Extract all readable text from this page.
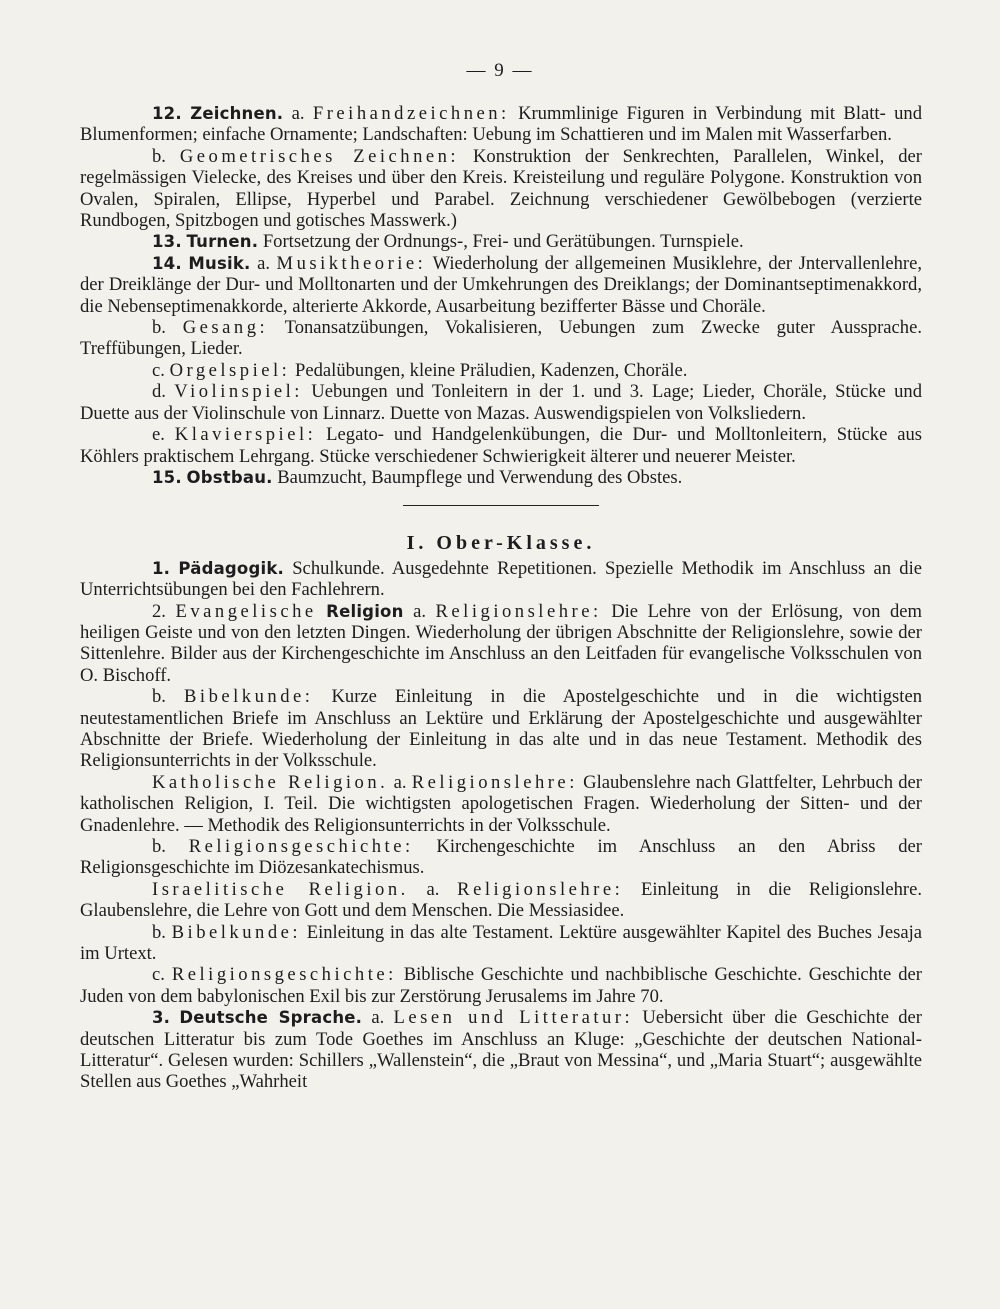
— 9 —

12. Zeichnen. a. Freihandzeichnen: Krummlinige Figuren in Verbindung mit Blatt- und Blumenformen; einfache Ornamente; Landschaften: Uebung im Schattieren und im Malen mit Wasserfarben.

b. Geometrisches Zeichnen: Konstruktion der Senkrechten, Parallelen, Winkel, der regelmässigen Vielecke, des Kreises und über den Kreis. Kreisteilung und reguläre Polygone. Konstruktion von Ovalen, Spiralen, Ellipse, Hyperbel und Parabel. Zeichnung verschiedener Gewölbebogen (verzierte Rundbogen, Spitzbogen und gotisches Masswerk.)

13. Turnen. Fortsetzung der Ordnungs-, Frei- und Gerätübungen. Turnspiele.

14. Musik. a. Musiktheorie: Wiederholung der allgemeinen Musiklehre, der Jntervallenlehre, der Dreiklänge der Dur- und Molltonarten und der Umkehrungen des Dreiklangs; der Dominantseptimenakkord, die Nebenseptimenakkorde, alterierte Akkorde, Ausarbeitung bezifferter Bässe und Choräle.

b. Gesang: Tonansatzübungen, Vokalisieren, Uebungen zum Zwecke guter Aussprache. Treffübungen, Lieder.

c. Orgelspiel: Pedalübungen, kleine Präludien, Kadenzen, Choräle.

d. Violinspiel: Uebungen und Tonleitern in der 1. und 3. Lage; Lieder, Choräle, Stücke und Duette aus der Violinschule von Linnarz. Duette von Mazas. Auswendigspielen von Volksliedern.

e. Klavierspiel: Legato- und Handgelenkübungen, die Dur- und Molltonleitern, Stücke aus Köhlers praktischem Lehrgang. Stücke verschiedener Schwierigkeit älterer und neuerer Meister.

15. Obstbau. Baumzucht, Baumpflege und Verwendung des Obstes.

I. Ober-Klasse.

1. Pädagogik. Schulkunde. Ausgedehnte Repetitionen. Spezielle Methodik im Anschluss an die Unterrichtsübungen bei den Fachlehrern.

2. Evangelische Religion a. Religionslehre: Die Lehre von der Erlösung, von dem heiligen Geiste und von den letzten Dingen. Wiederholung der übrigen Abschnitte der Religionslehre, sowie der Sittenlehre. Bilder aus der Kirchengeschichte im Anschluss an den Leitfaden für evangelische Volksschulen von O. Bischoff.

b. Bibelkunde: Kurze Einleitung in die Apostelgeschichte und in die wichtigsten neutestamentlichen Briefe im Anschluss an Lektüre und Erklärung der Apostelgeschichte und ausgewählter Abschnitte der Briefe. Wiederholung der Einleitung in das alte und in das neue Testament. Methodik des Religionsunterrichts in der Volksschule.

Katholische Religion. a. Religionslehre: Glaubenslehre nach Glattfelter, Lehrbuch der katholischen Religion, I. Teil. Die wichtigsten apologetischen Fragen. Wiederholung der Sitten- und der Gnadenlehre. — Methodik des Religionsunterrichts in der Volksschule.

b. Religionsgeschichte: Kirchengeschichte im Anschluss an den Abriss der Religionsgeschichte im Diözesankatechismus.

Israelitische Religion. a. Religionslehre: Einleitung in die Religionslehre. Glaubenslehre, die Lehre von Gott und dem Menschen. Die Messiasidee.

b. Bibelkunde: Einleitung in das alte Testament. Lektüre ausgewählter Kapitel des Buches Jesaja im Urtext.

c. Religionsgeschichte: Biblische Geschichte und nachbiblische Geschichte. Geschichte der Juden von dem babylonischen Exil bis zur Zerstörung Jerusalems im Jahre 70.

3. Deutsche Sprache. a. Lesen und Litteratur: Uebersicht über die Geschichte der deutschen Litteratur bis zum Tode Goethes im Anschluss an Kluge: „Geschichte der deutschen National-Litteratur“. Gelesen wurden: Schillers „Wallenstein“, die „Braut von Messina“, und „Maria Stuart“; ausgewählte Stellen aus Goethes „Wahrheit
